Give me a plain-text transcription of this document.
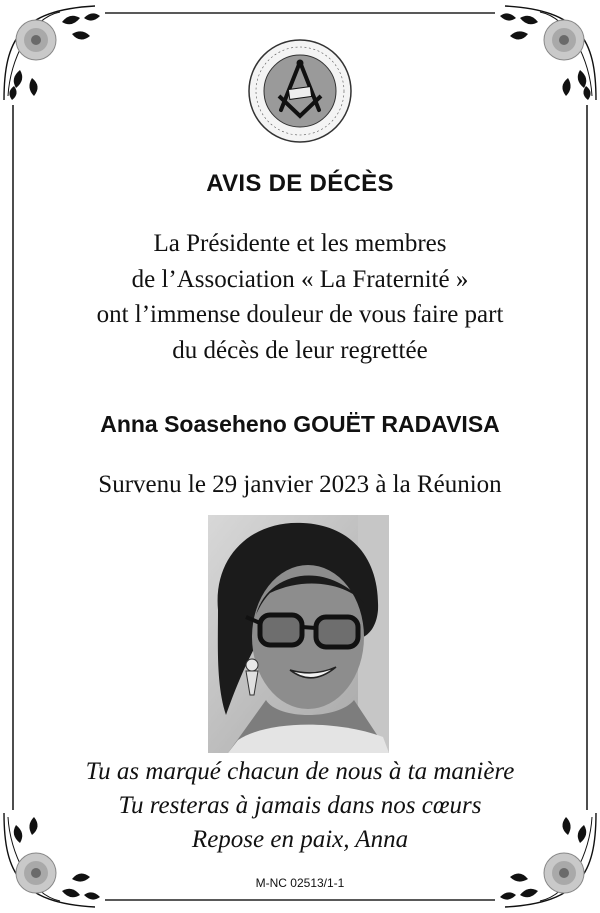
AVIS DE DÉCÈS
La Présidente et les membres
de l’Association « La Fraternité »
ont l’immense douleur de vous faire part
du décès de leur regrettée
Anna Soaseheno GOUËT RADAVISA
Survenu le 29 janvier 2023 à la Réunion
Tu as marqué chacun de nous à ta manière
Tu resteras à jamais dans nos cœurs
Repose en paix, Anna
M-NC 02513/1-1
